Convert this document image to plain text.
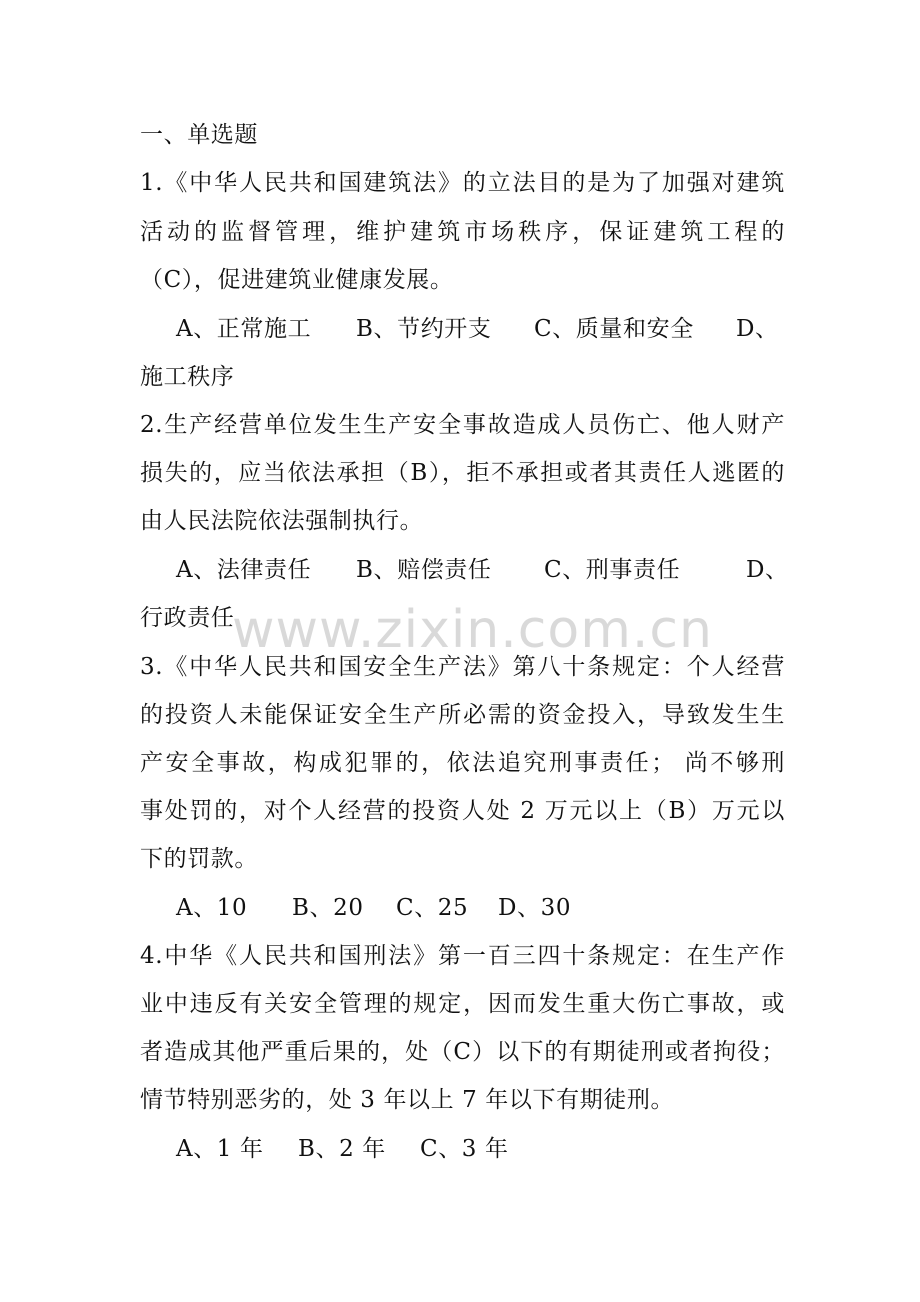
www.zixin.com.cn
一、单选题
1.《中华人民共和国建筑法》的立法目的是为了加强对建筑
活动的监督管理，维护建筑市场秩序，保证建筑工程的
（C），促进建筑业健康发展。
A、正常施工 B、节约开支 C、质量和安全 D、
施工秩序
2.生产经营单位发生生产安全事故造成人员伤亡、他人财产
损失的，应当依法承担（B），拒不承担或者其责任人逃匿的
由人民法院依法强制执行。
A、法律责任 B、赔偿责任 C、刑事责任	D、
行政责任
3.《中华人民共和国安全生产法》第八十条规定：个人经营
的投资人未能保证安全生产所必需的资金投入，导致发生生
产安全事故，构成犯罪的，依法追究刑事责任； 尚不够刑
事处罚的，对个人经营的投资人处 2 万元以上（B）万元以
下的罚款。
A、10 B、20 C、25 D、30
4.中华《人民共和国刑法》第一百三四十条规定：在生产作
业中违反有关安全管理的规定，因而发生重大伤亡事故，或
者造成其他严重后果的，处（C）以下的有期徒刑或者拘役；
情节特别恶劣的，处 3 年以上 7 年以下有期徒刑。
A、1 年 B、2 年 C、3 年
